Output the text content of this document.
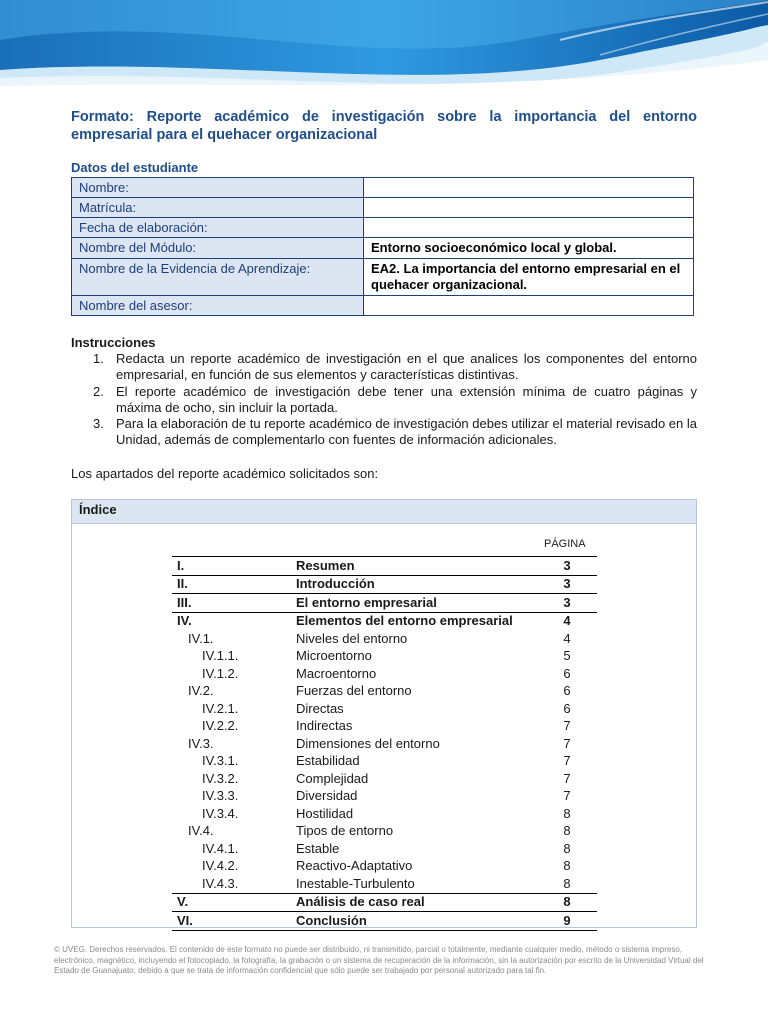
Formato: Reporte académico de investigación sobre la importancia del entorno empresarial para el quehacer organizacional
Datos del estudiante
Nombre:	
Matrícula:	
Fecha de elaboración:	
Nombre del Módulo:	Entorno socioeconómico local y global.
Nombre de la Evidencia de Aprendizaje:	EA2. La importancia del entorno empresarial en el quehacer organizacional.
Nombre del asesor:	
Instrucciones
1. Redacta un reporte académico de investigación en el que analices los componentes del entorno empresarial, en función de sus elementos y características distintivas.
2. El reporte académico de investigación debe tener una extensión mínima de cuatro páginas y máxima de ocho, sin incluir la portada.
3. Para la elaboración de tu reporte académico de investigación debes utilizar el material revisado en la Unidad, además de complementarlo con fuentes de información adicionales.
Los apartados del reporte académico solicitados son:
Índice
PÁGINA
I.	Resumen	3
II.	Introducción	3
III.	El entorno empresarial	3
IV.	Elementos del entorno empresarial	4
IV.1.	Niveles del entorno	4
IV.1.1.	Microentorno	5
IV.1.2.	Macroentorno	6
IV.2.	Fuerzas del entorno	6
IV.2.1.	Directas	6
IV.2.2.	Indirectas	7
IV.3.	Dimensiones del entorno	7
IV.3.1.	Estabilidad	7
IV.3.2.	Complejidad	7
IV.3.3.	Diversidad	7
IV.3.4.	Hostilidad	8
IV.4.	Tipos de entorno	8
IV.4.1.	Estable	8
IV.4.2.	Reactivo-Adaptativo	8
IV.4.3.	Inestable-Turbulento	8
V.	Análisis de caso real	8
VI.	Conclusión	9
© UVEG. Derechos reservados. El contenido de este formato no puede ser distribuido, ni transmitido, parcial o totalmente, mediante cualquier medio, método o sistema impreso, electrónico, magnético, incluyendo el fotocopiado, la fotografía, la grabación o un sistema de recuperación de la información, sin la autorización por escrito de la Universidad Virtual del Estado de Guanajuato, debido a que se trata de información confidencial que sólo puede ser trabajado por personal autorizado para tal fin.
